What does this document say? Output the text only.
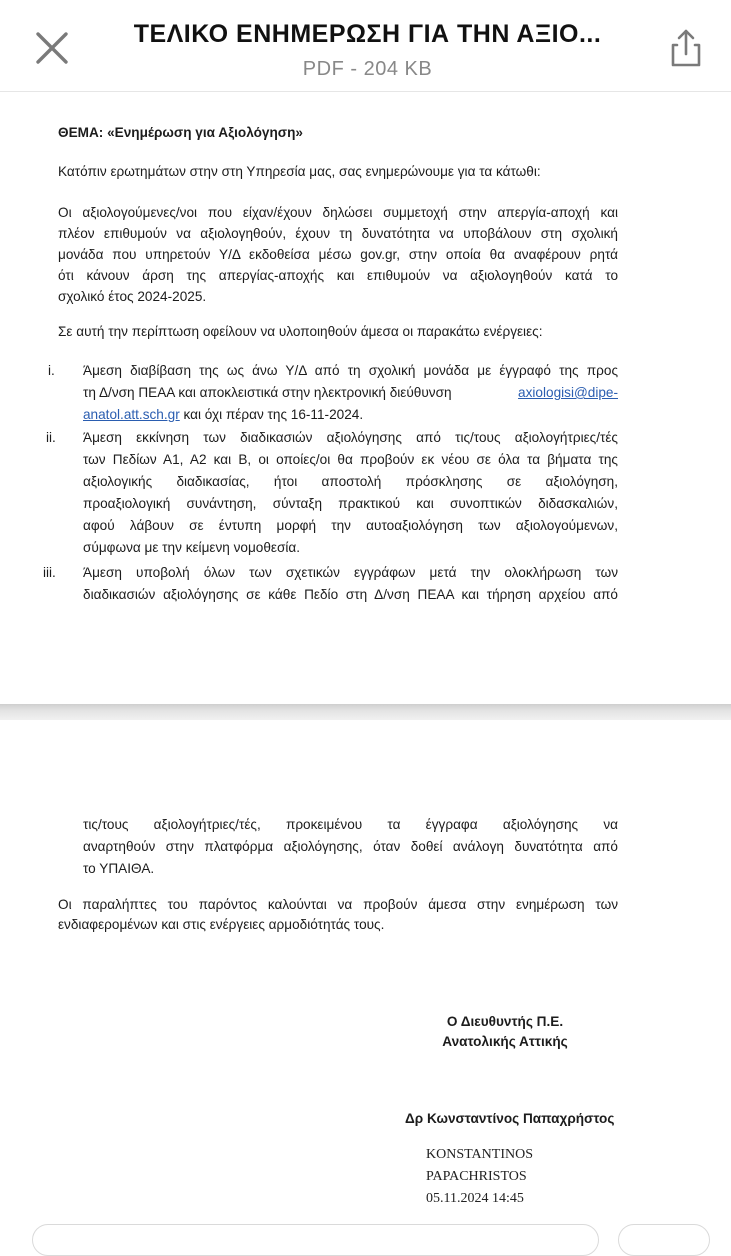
ΤΕΛΙΚΟ ΕΝΗΜΕΡΩΣΗ ΓΙΑ ΤΗΝ ΑΞΙΟ...
PDF - 204 KB
ΘΕΜΑ: «Ενημέρωση για Αξιολόγηση»
Κατόπιν ερωτημάτων στην στη Υπηρεσία μας, σας ενημερώνουμε για τα κάτωθι:
Οι αξιολογούμενες/νοι που είχαν/έχουν δηλώσει συμμετοχή στην απεργία-αποχή και
πλέον επιθυμούν να αξιολογηθούν, έχουν τη δυνατότητα να υποβάλουν στη σχολική
μονάδα που υπηρετούν Υ/Δ εκδοθείσα μέσω gov.gr, στην οποία θα αναφέρουν ρητά
ότι κάνουν άρση της απεργίας-αποχής και επιθυμούν να αξιολογηθούν κατά το
σχολικό έτος 2024-2025.
Σε αυτή την περίπτωση οφείλουν να υλοποιηθούν άμεσα οι παρακάτω ενέργειες:
i. Άμεση διαβίβαση της ως άνω Υ/Δ από τη σχολική μονάδα με έγγραφό της προς
τη Δ/νση ΠΕΑΑ και αποκλειστικά στην ηλεκτρονική διεύθυνση	axiologisi@dipe-
anatol.att.sch.gr και όχι πέραν της 16-11-2024.
ii. Άμεση εκκίνηση των διαδικασιών αξιολόγησης από τις/τους αξιολογήτριες/τές
των Πεδίων Α1, Α2 και Β, οι οποίες/οι θα προβούν εκ νέου σε όλα τα βήματα της
αξιολογικής διαδικασίας, ήτοι αποστολή πρόσκλησης σε αξιολόγηση,
προαξιολογική συνάντηση, σύνταξη πρακτικού και συνοπτικών διδασκαλιών,
αφού λάβουν σε έντυπη μορφή την αυτοαξιολόγηση των αξιολογούμενων,
σύμφωνα με την κείμενη νομοθεσία.
iii. Άμεση υποβολή όλων των σχετικών εγγράφων μετά την ολοκλήρωση των
διαδικασιών αξιολόγησης σε κάθε Πεδίο στη Δ/νση ΠΕΑΑ και τήρηση αρχείου από
τις/τους αξιολογήτριες/τές, προκειμένου τα έγγραφα αξιολόγησης να
αναρτηθούν στην πλατφόρμα αξιολόγησης, όταν δοθεί ανάλογη δυνατότητα από
το ΥΠΑΙΘΑ.
Οι παραλήπτες του παρόντος καλούνται να προβούν άμεσα στην ενημέρωση των
ενδιαφερομένων και στις ενέργειες αρμοδιότητάς τους.
Ο Διευθυντής Π.Ε.
Ανατολικής Αττικής
Δρ Κωνσταντίνος Παπαχρήστος
KONSTANTINOS
PAPACHRISTOS
05.11.2024 14:45
